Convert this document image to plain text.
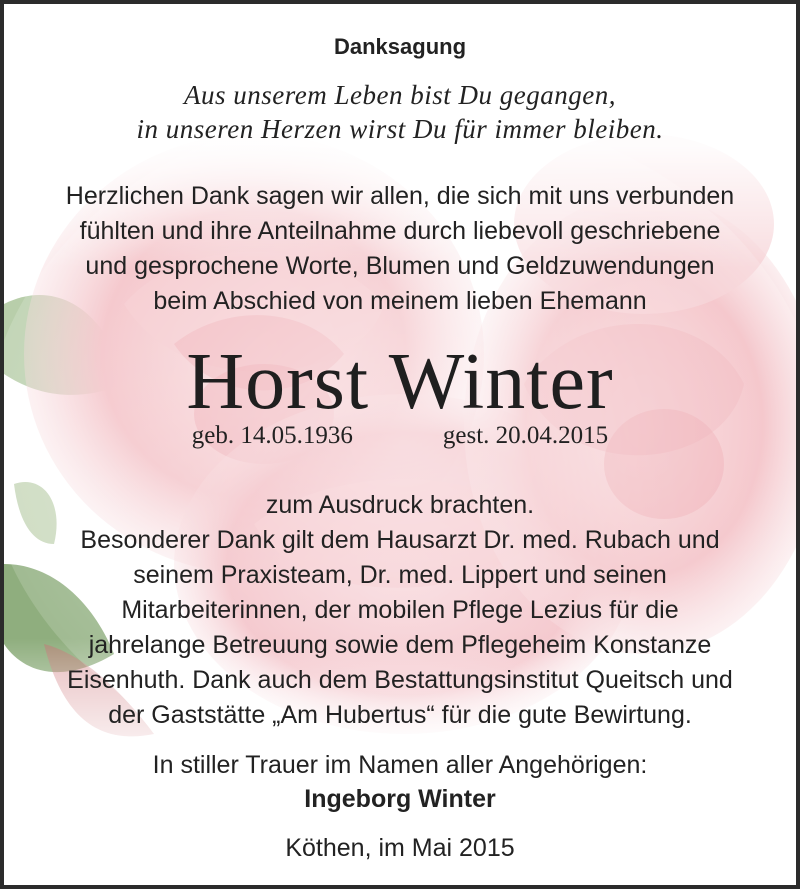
Danksagung
Aus unserem Leben bist Du gegangen,
in unseren Herzen wirst Du für immer bleiben.
Herzlichen Dank sagen wir allen, die sich mit uns verbunden
fühlten und ihre Anteilnahme durch liebevoll geschriebene
und gesprochene Worte, Blumen und Geldzuwendungen
beim Abschied von meinem lieben Ehemann
Horst Winter
geb. 14.05.1936	gest. 20.04.2015
zum Ausdruck brachten.
Besonderer Dank gilt dem Hausarzt Dr. med. Rubach und
seinem Praxisteam, Dr. med. Lippert und seinen
Mitarbeiterinnen, der mobilen Pflege Lezius für die
jahrelange Betreuung sowie dem Pflegeheim Konstanze
Eisenhuth. Dank auch dem Bestattungsinstitut Queitsch und
der Gaststätte „Am Hubertus“ für die gute Bewirtung.
In stiller Trauer im Namen aller Angehörigen:
Ingeborg Winter
Köthen, im Mai 2015
